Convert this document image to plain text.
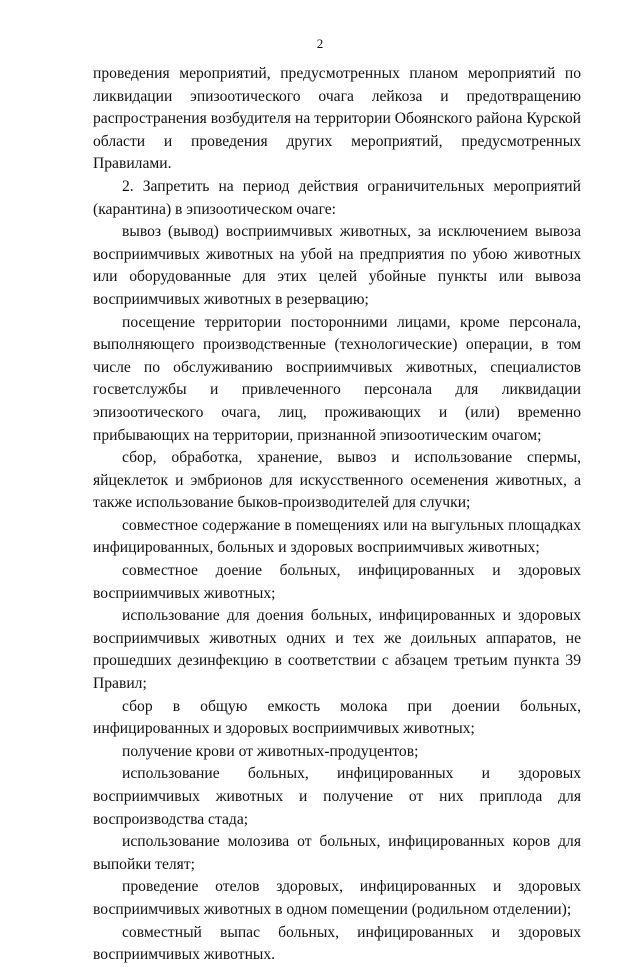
2

проведения мероприятий, предусмотренных планом мероприятий по ликвидации эпизоотического очага лейкоза и предотвращению распространения возбудителя на территории Обоянского района Курской области и проведения других мероприятий, предусмотренных Правилами.

2. Запретить на период действия ограничительных мероприятий (карантина) в эпизоотическом очаге:

вывоз (вывод) восприимчивых животных, за исключением вывоза восприимчивых животных на убой на предприятия по убою животных или оборудованные для этих целей убойные пункты или вывоза восприимчивых животных в резервацию;

посещение территории посторонними лицами, кроме персонала, выполняющего производственные (технологические) операции, в том числе по обслуживанию восприимчивых животных, специалистов госветслужбы и привлеченного персонала для ликвидации эпизоотического очага, лиц, проживающих и (или) временно прибывающих на территории, признанной эпизоотическим очагом;

сбор, обработка, хранение, вывоз и использование спермы, яйцеклеток и эмбрионов для искусственного осеменения животных, а также использование быков-производителей для случки;

совместное содержание в помещениях или на выгульных площадках инфицированных, больных и здоровых восприимчивых животных;

совместное доение больных, инфицированных и здоровых восприимчивых животных;

использование для доения больных, инфицированных и здоровых восприимчивых животных одних и тех же доильных аппаратов, не прошедших дезинфекцию в соответствии с абзацем третьим пункта 39 Правил;

сбор в общую емкость молока при доении больных, инфицированных и здоровых восприимчивых животных;

получение крови от животных-продуцентов;

использование больных, инфицированных и здоровых восприимчивых животных и получение от них приплода для воспроизводства стада;

использование молозива от больных, инфицированных коров для выпойки телят;

проведение отелов здоровых, инфицированных и здоровых восприимчивых животных в одном помещении (родильном отделении);

совместный выпас больных, инфицированных и здоровых восприимчивых животных.
